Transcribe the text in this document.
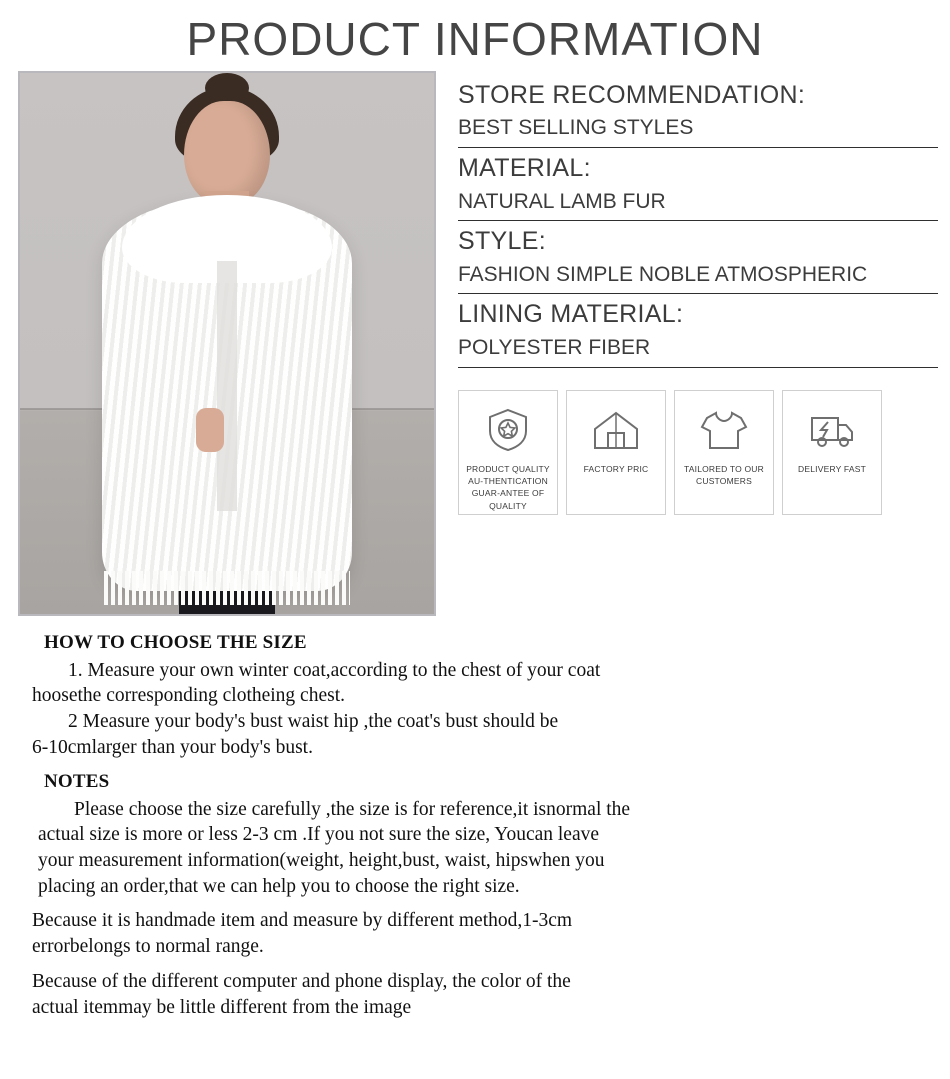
PRODUCT INFORMATION
STORE RECOMMENDATION:
BEST SELLING STYLES
MATERIAL:
NATURAL LAMB FUR
STYLE:
FASHION SIMPLE NOBLE ATMOSPHERIC
LINING MATERIAL:
POLYESTER FIBER
PRODUCT QUALITY AU-THENTICATION GUAR-ANTEE OF QUALITY
FACTORY PRIC	TAILORED TO OUR CUSTOMERS
DELIVERY FAST
HOW TO CHOOSE THE SIZE

1. Measure your own winter coat,according to the chest of your coat

hoosethe corresponding clotheing chest.

2 Measure your body's bust waist hip ,the coat's bust should be

6-10cmlarger than your body's bust.

NOTES

Please choose the size carefully ,the size is for reference,it isnormal the

actual size is more or less 2-3 cm .If you not sure the size, Youcan leave

your measurement information(weight, height,bust, waist, hipswhen you

placing an order,that we can help you to choose the right size.

Because it is handmade item and measure by different method,1-3cm

errorbelongs to normal range.

Because of the different computer and phone display, the color of the

actual itemmay be little different from the image
